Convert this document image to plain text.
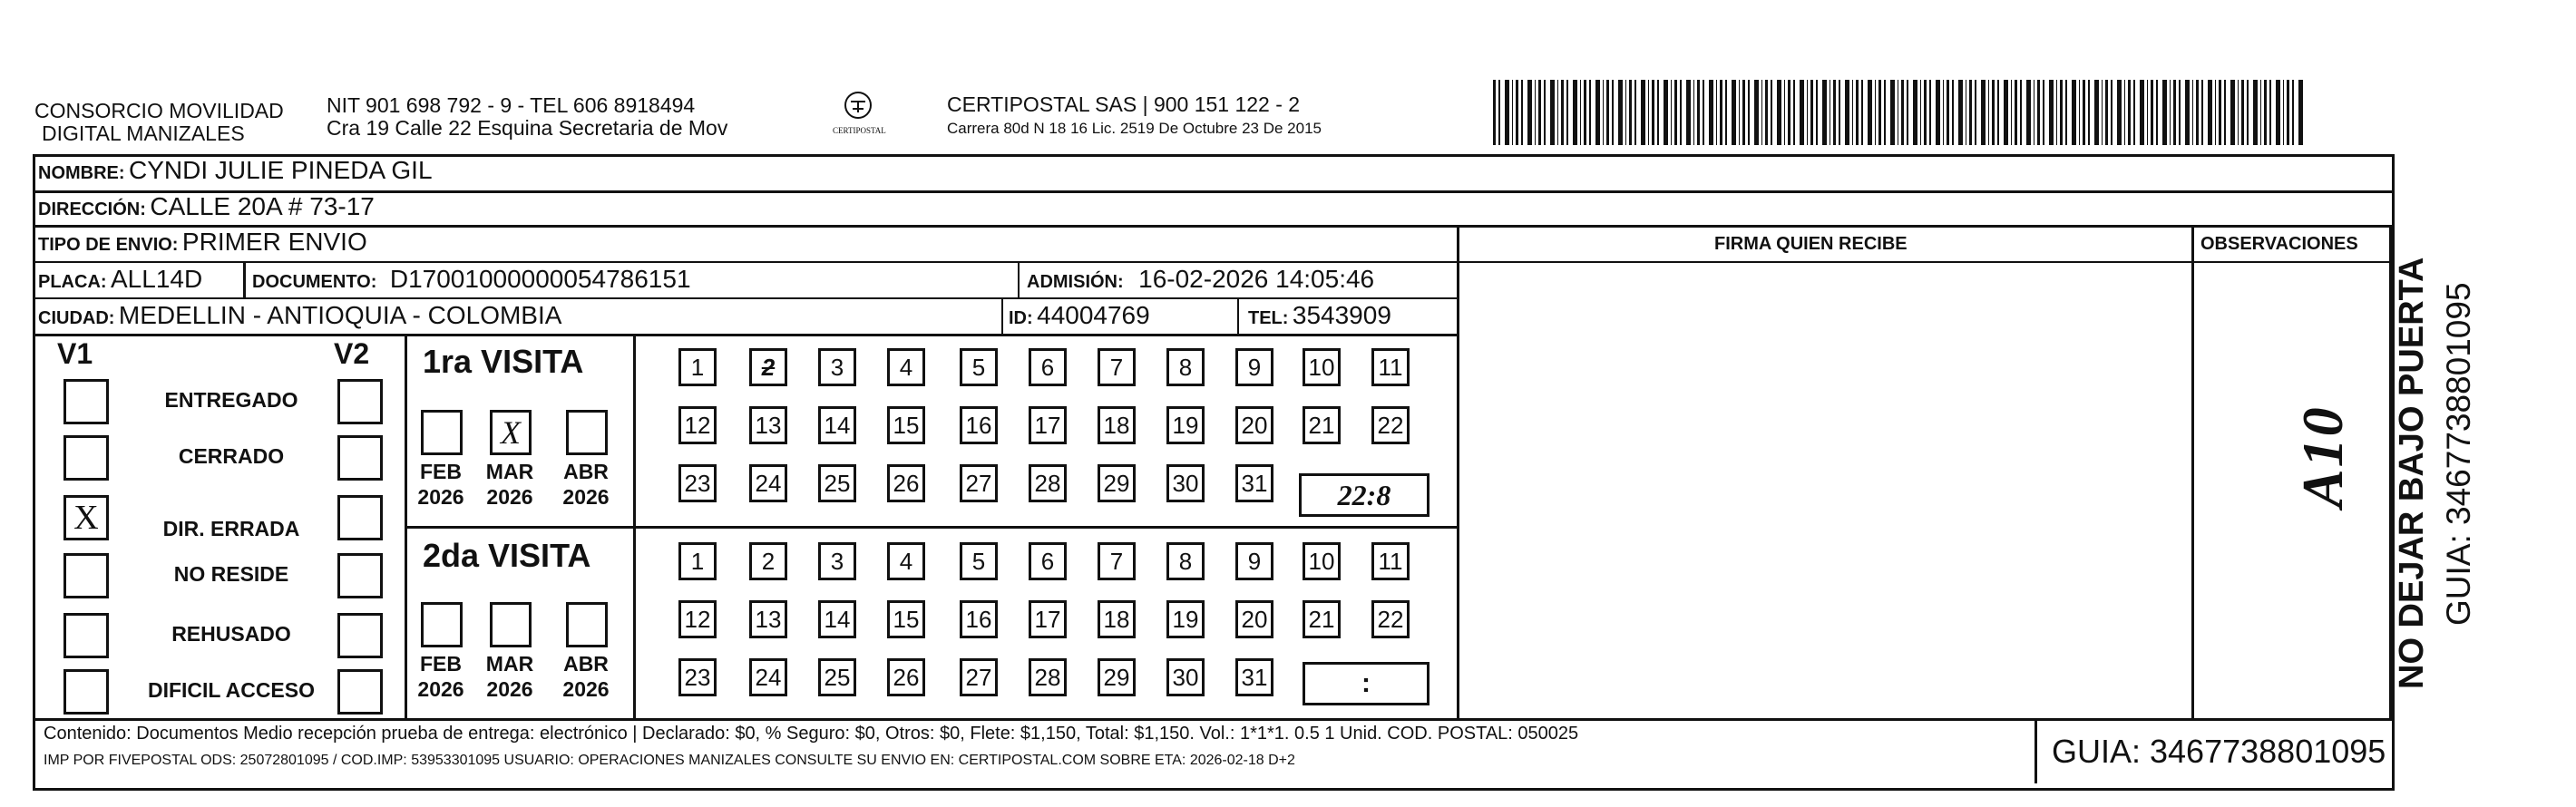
CONSORCIO MOVILIDAD
DIGITAL MANIZALES
NIT 901 698 792 - 9 - TEL 606 8918494
Cra 19 Calle 22 Esquina Secretaria de Mov	CERTIPOSTAL
CERTIPOSTAL SAS | 900 151 122 - 2
Carrera 80d N 18 16 Lic. 2519 De Octubre 23 De 2015
NOMBRE: CYNDI JULIE PINEDA GIL
DIRECCIÓN: CALLE 20A # 73-17
TIPO DE ENVIO: PRIMER ENVIO	FIRMA QUIEN RECIBE	OBSERVACIONES
PLACA: ALL14D	DOCUMENTO: D17001000000054786151	ADMISIÓN: 16-02-2026 14:05:46
CIUDAD: MEDELLIN - ANTIOQUIA - COLOMBIA	ID: 44004769	TEL: 3543909
V1	V2
ENTREGADO
CERRADO
X	DIR. ERRADA
NO RESIDE
REHUSADO
DIFICIL ACCESO
1ra VISITA
2da VISITA
FEB
2026
X
MAR
2026
ABR
2026
FEB
2026
MAR
2026
ABR
2026
1	2	3	4	5	6	7	8	9	10 11
12 13 14 15 16 17 18 19 20 21 22
23 24 25 26 27 28 29 30 31
1	2	3	4	5	6	7	8	9	10 11
12 13 14 15 16 17 18 19 20 21 22
23 24 25 26 27 28 29 30 31
22:8
:
A10 NO DEJAR BAJO PUERTA GUIA: 3467738801095
Contenido: Documentos Medio recepción prueba de entrega: electrónico | Declarado: $0, % Seguro: $0, Otros: $0, Flete: $1,150, Total: $1,150. Vol.: 1*1*1. 0.5 1 Unid. COD. POSTAL: 050025
IMP POR FIVEPOSTAL ODS: 25072801095 / COD.IMP: 53953301095 USUARIO: OPERACIONES MANIZALES CONSULTE SU ENVIO EN: CERTIPOSTAL.COM SOBRE ETA: 2026-02-18 D+2	GUIA: 3467738801095
